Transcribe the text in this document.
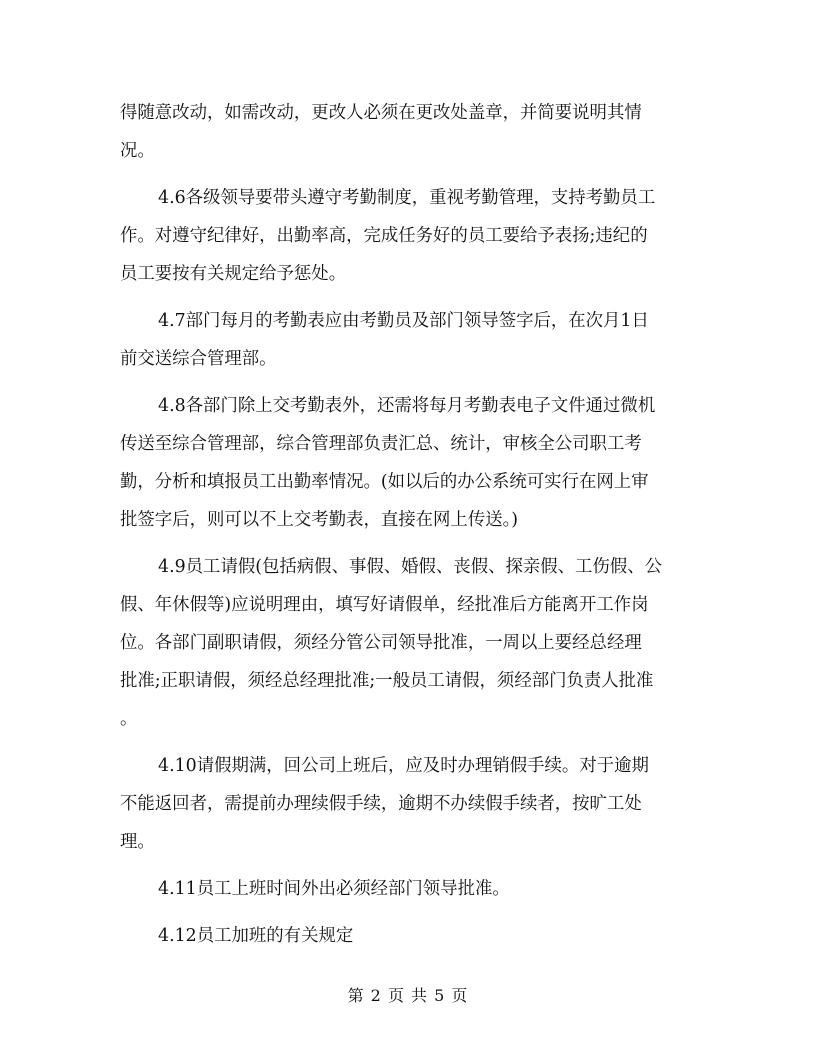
得随意改动，如需改动，更改人必须在更改处盖章，并简要说明其情
况。
4.6各级领导要带头遵守考勤制度，重视考勤管理，支持考勤员工
作。对遵守纪律好，出勤率高，完成任务好的员工要给予表扬;违纪的
员工要按有关规定给予惩处。
4.7部门每月的考勤表应由考勤员及部门领导签字后，在次月1日
前交送综合管理部。
4.8各部门除上交考勤表外，还需将每月考勤表电子文件通过微机
传送至综合管理部，综合管理部负责汇总、统计，审核全公司职工考
勤，分析和填报员工出勤率情况。(如以后的办公系统可实行在网上审
批签字后，则可以不上交考勤表，直接在网上传送。)
4.9员工请假(包括病假、事假、婚假、丧假、探亲假、工伤假、公
假、年休假等)应说明理由，填写好请假单，经批准后方能离开工作岗
位。各部门副职请假，须经分管公司领导批准，一周以上要经总经理
批准;正职请假，须经总经理批准;一般员工请假，须经部门负责人批准
。
4.10请假期满，回公司上班后，应及时办理销假手续。对于逾期
不能返回者，需提前办理续假手续，逾期不办续假手续者，按旷工处
理。
4.11员工上班时间外出必须经部门领导批准。
4.12员工加班的有关规定
第 2 页 共 5 页
